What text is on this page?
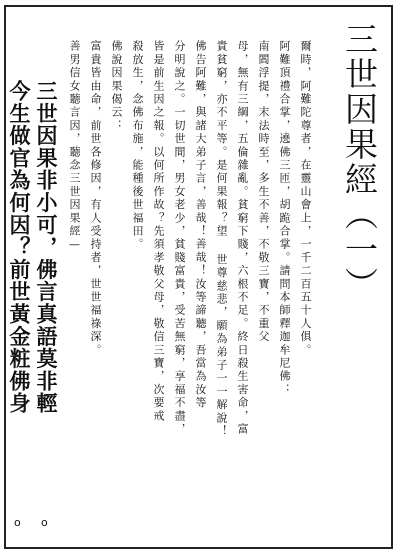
三世因果經（一）
爾時，阿難陀尊者，在靈山會上，一千二百五十人俱。
阿難頂禮合掌，遶佛三匝，胡跪合掌。請問本師釋迦牟尼佛：
南閻浮提，末法時至，多生不善，不敬三寶，不重父
母，無有三綱，五倫雜亂。貧窮下賤，六根不足。終日殺生害命，富
貴貧窮，亦不平等。是何果報？望 世尊慈悲，願為弟子一一解說！
佛告阿難，與諸大弟子言，善哉！善哉！汝等諦聽，吾當為汝等
分明說之。一切世間，男女老少，貧賤富貴，受苦無窮，享福不盡，
皆是前生因之報。以何所作故？先須孝敬父母，敬信三寶，次要戒
殺放生，念佛布施，能種後世福田。
佛說因果偈云：
富貴皆由命，前世各修因，有人受持者，世世福祿深。
善男信女聽言因，聽念三世因果經—
三世因果非小可，佛言真語莫非輕
今生做官為何因？前世黃金粧佛身
o
o
